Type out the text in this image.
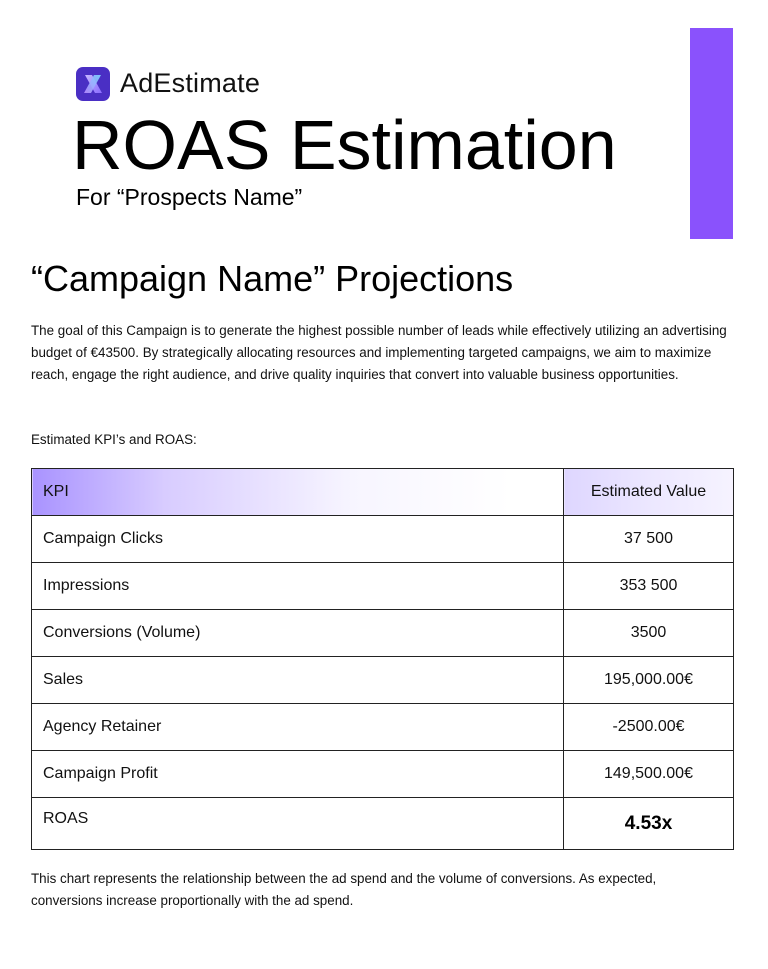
AdEstimate
ROAS Estimation

For “Prospects Name”

“Campaign Name” Projections

The goal of this Campaign is to generate the highest possible number of leads while effectively utilizing an advertising budget of €43500. By strategically allocating resources and implementing targeted campaigns, we aim to maximize reach, engage the right audience, and drive quality inquiries that convert into valuable business opportunities.

Estimated KPI’s and ROAS:

KPI	Estimated Value
Campaign Clicks	37 500
Impressions	353 500
Conversions (Volume)	3500
Sales	195,000.00€
Agency Retainer	-2500.00€
Campaign Profit	149,500.00€
ROAS	4.53x

This chart represents the relationship between the ad spend and the volume of conversions. As expected, conversions increase proportionally with the ad spend.
